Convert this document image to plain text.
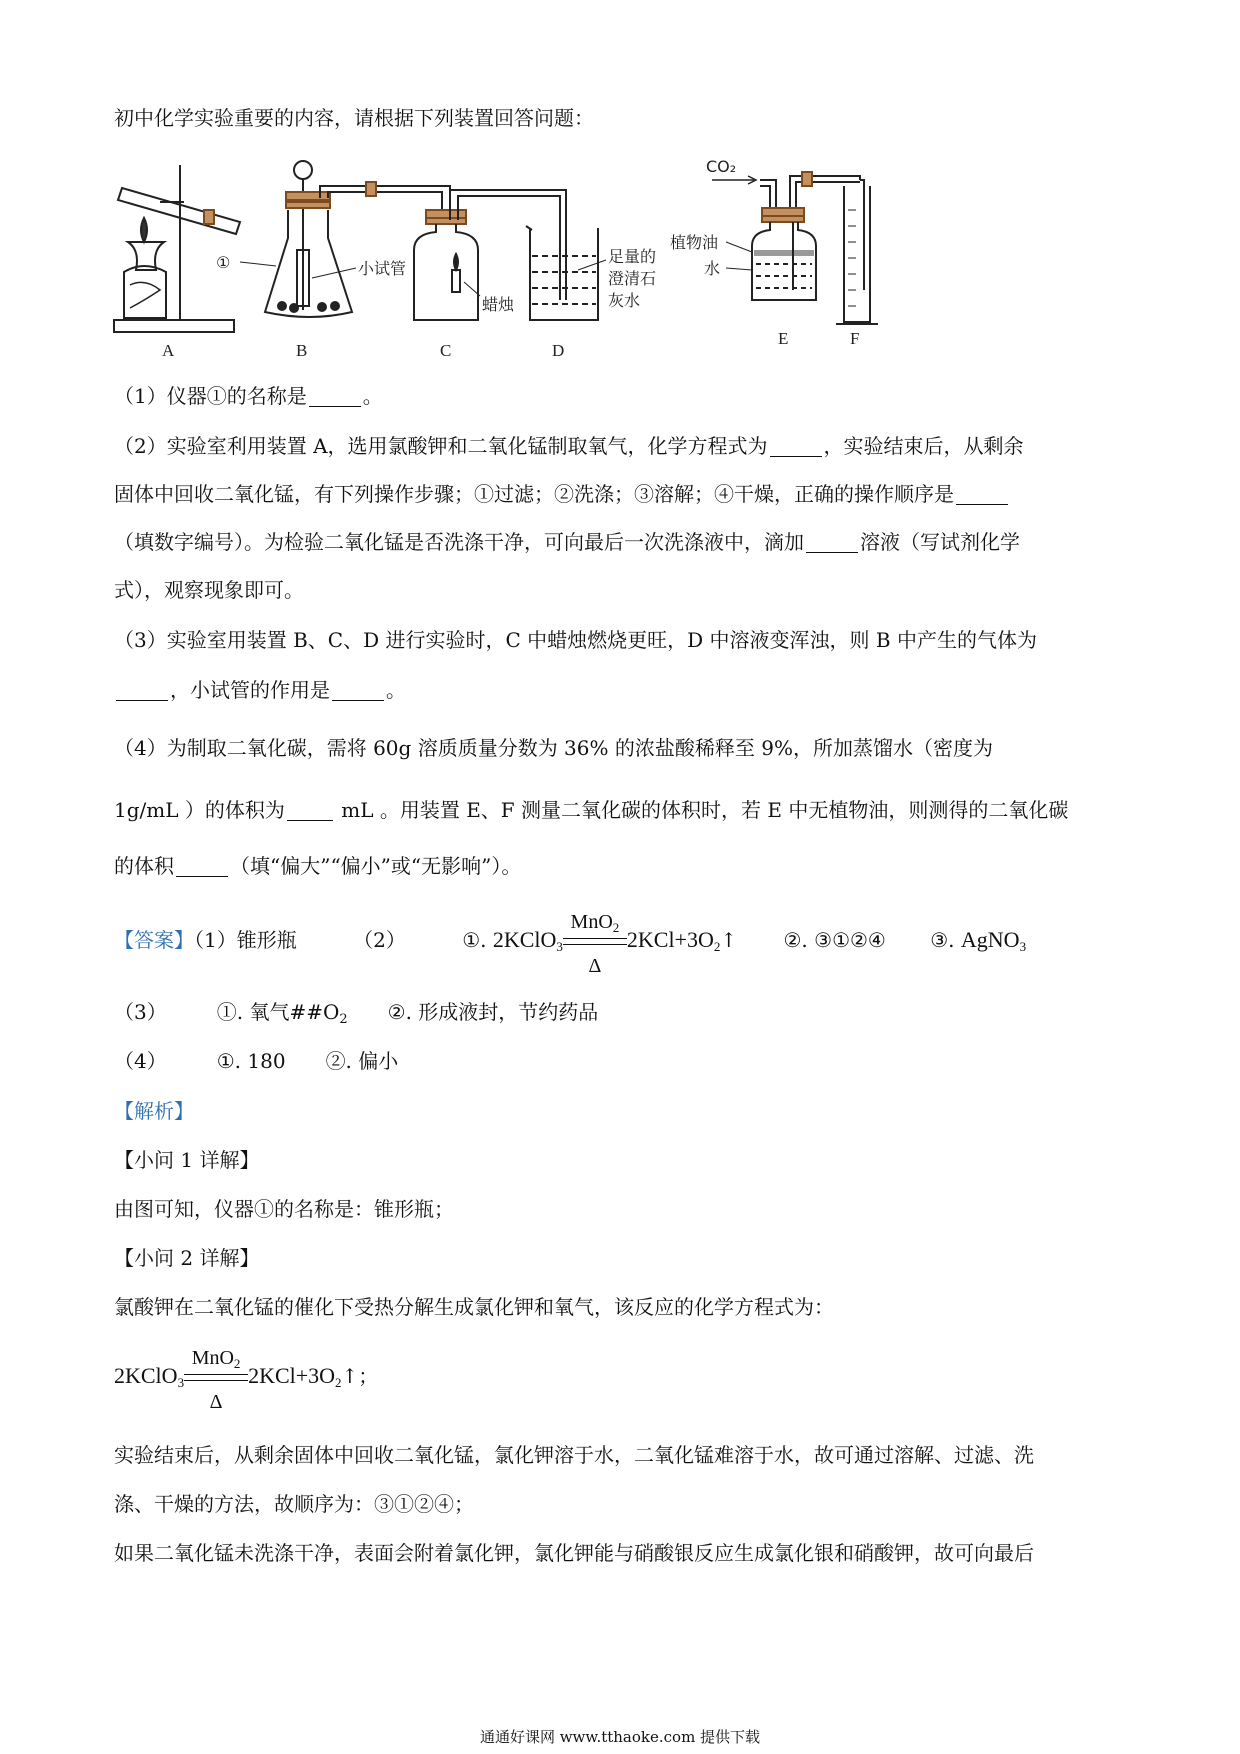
初中化学实验重要的内容，请根据下列装置回答问题：

A	B	C	D
E	F
①	小试管
蜡烛
足量的
澄清石
灰水
植物油
水
CO₂

（1）仪器①的名称是	。

（2）实验室利用装置 A，选用氯酸钾和二氧化锰制取氧气，化学方程式为	，实验结束后，从剩余

固体中回收二氧化锰，有下列操作步骤；①过滤；②洗涤；③溶解；④干燥，正确的操作顺序是

（填数字编号）。为检验二氧化锰是否洗涤干净，可向最后一次洗涤液中，滴加	溶液（写试剂化学

式），观察现象即可。

（3）实验室用装置 B、C、D 进行实验时，C 中蜡烛燃烧更旺，D 中溶液变浑浊，则 B 中产生的气体为

，小试管的作用是	。

（4）为制取二氧化碳，需将 60g 溶质质量分数为 36% 的浓盐酸稀释至 9%，所加蒸馏水（密度为

1g/mL ）的体积为	mL 。用装置 E、F 测量二氧化碳的体积时，若 E 中无植物油，则测得的二氧化碳

的体积	（填“偏大”“偏小”或“无影响”）。

【答案】（1）锥形瓶	（2）	①. 2KClO$_3$
MnO$_2$
Δ
$2KCl+3O_2↑$ ②. ③①②④ ③. AgNO$_3$

（3）	①. 氧气$\#\#O_2$ ②. 形成液封，节约药品

（4）	①. 180 ②. 偏小

【解析】

【小问 1 详解】

由图可知，仪器①的名称是：锥形瓶；

【小问 2 详解】

氯酸钾在二氧化锰的催化下受热分解生成氯化钾和氧气，该反应的化学方程式为：

2KClO$_3$
MnO$_2$
Δ
$2KCl+3O_2↑$；

实验结束后，从剩余固体中回收二氧化锰，氯化钾溶于水，二氧化锰难溶于水，故可通过溶解、过滤、洗

涤、干燥的方法，故顺序为：③①②④；

如果二氧化锰未洗涤干净，表面会附着氯化钾，氯化钾能与硝酸银反应生成氯化银和硝酸钾，故可向最后

通通好课网 www.tthaoke.com 提供下载
